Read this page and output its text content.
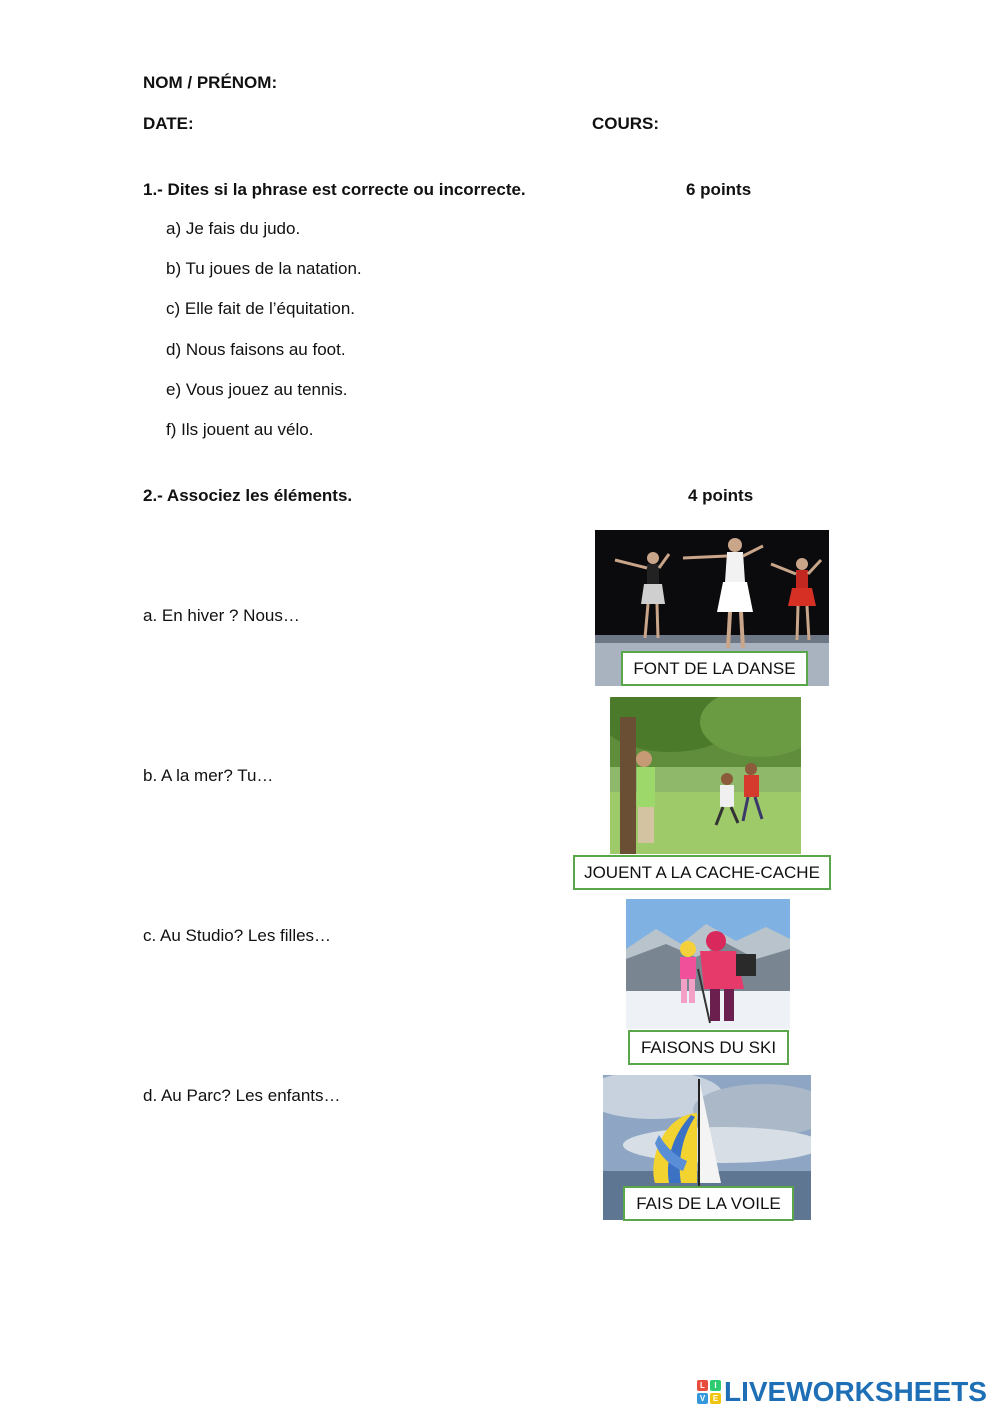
NOM / PRÉNOM:
DATE:	COURS:
1.- Dites si la phrase est correcte ou incorrecte.	6 points
a) Je fais du judo.
b) Tu joues de la natation.
c) Elle fait de l’équitation.
d) Nous faisons au foot.
e) Vous jouez au tennis.
f) Ils jouent au vélo.
2.- Associez les éléments.	4 points
a. En hiver ? Nous…
b. A la mer? Tu…
c. Au Studio? Les filles…
d. Au Parc? Les enfants…
FONT DE LA DANSE
JOUENT A LA CACHE-CACHE
FAISONS DU SKI
FAIS DE LA VOILE
L	I
V E LIVEWORKSHEETS
